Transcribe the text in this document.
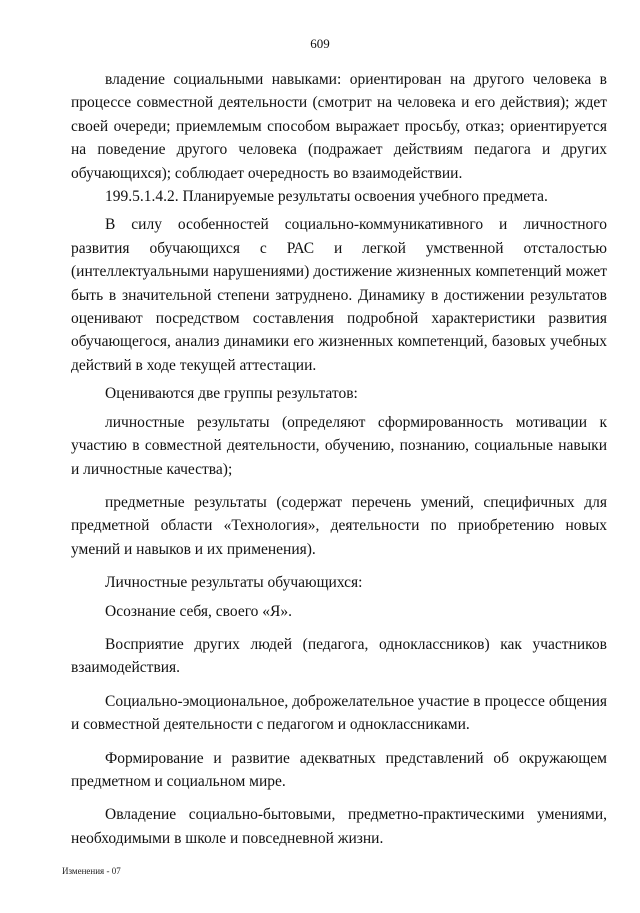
609

владение социальными навыками: ориентирован на другого человека в процессе совместной деятельности (смотрит на человека и его действия); ждет своей очереди; приемлемым способом выражает просьбу, отказ; ориентируется на поведение другого человека (подражает действиям педагога и других обучающихся); соблюдает очередность во взаимодействии.

199.5.1.4.2. Планируемые результаты освоения учебного предмета.

В силу особенностей социально-коммуникативного и личностного развития обучающихся с РАС и легкой умственной отсталостью (интеллектуальными нарушениями) достижение жизненных компетенций может быть в значительной степени затруднено. Динамику в достижении результатов оценивают посредством составления подробной характеристики развития обучающегося, анализ динамики его жизненных компетенций, базовых учебных действий в ходе текущей аттестации.

Оцениваются две группы результатов:

личностные результаты (определяют сформированность мотивации к участию в совместной деятельности, обучению, познанию, социальные навыки и личностные качества);

предметные результаты (содержат перечень умений, специфичных для предметной области «Технология», деятельности по приобретению новых умений и навыков и их применения).

Личностные результаты обучающихся:

Осознание себя, своего «Я».

Восприятие других людей (педагога, одноклассников) как участников взаимодействия.

Социально-эмоциональное, доброжелательное участие в процессе общения и совместной деятельности с педагогом и одноклассниками.

Формирование и развитие адекватных представлений об окружающем предметном и социальном мире.

Овладение социально-бытовыми, предметно-практическими умениями, необходимыми в школе и повседневной жизни.

Изменения - 07
